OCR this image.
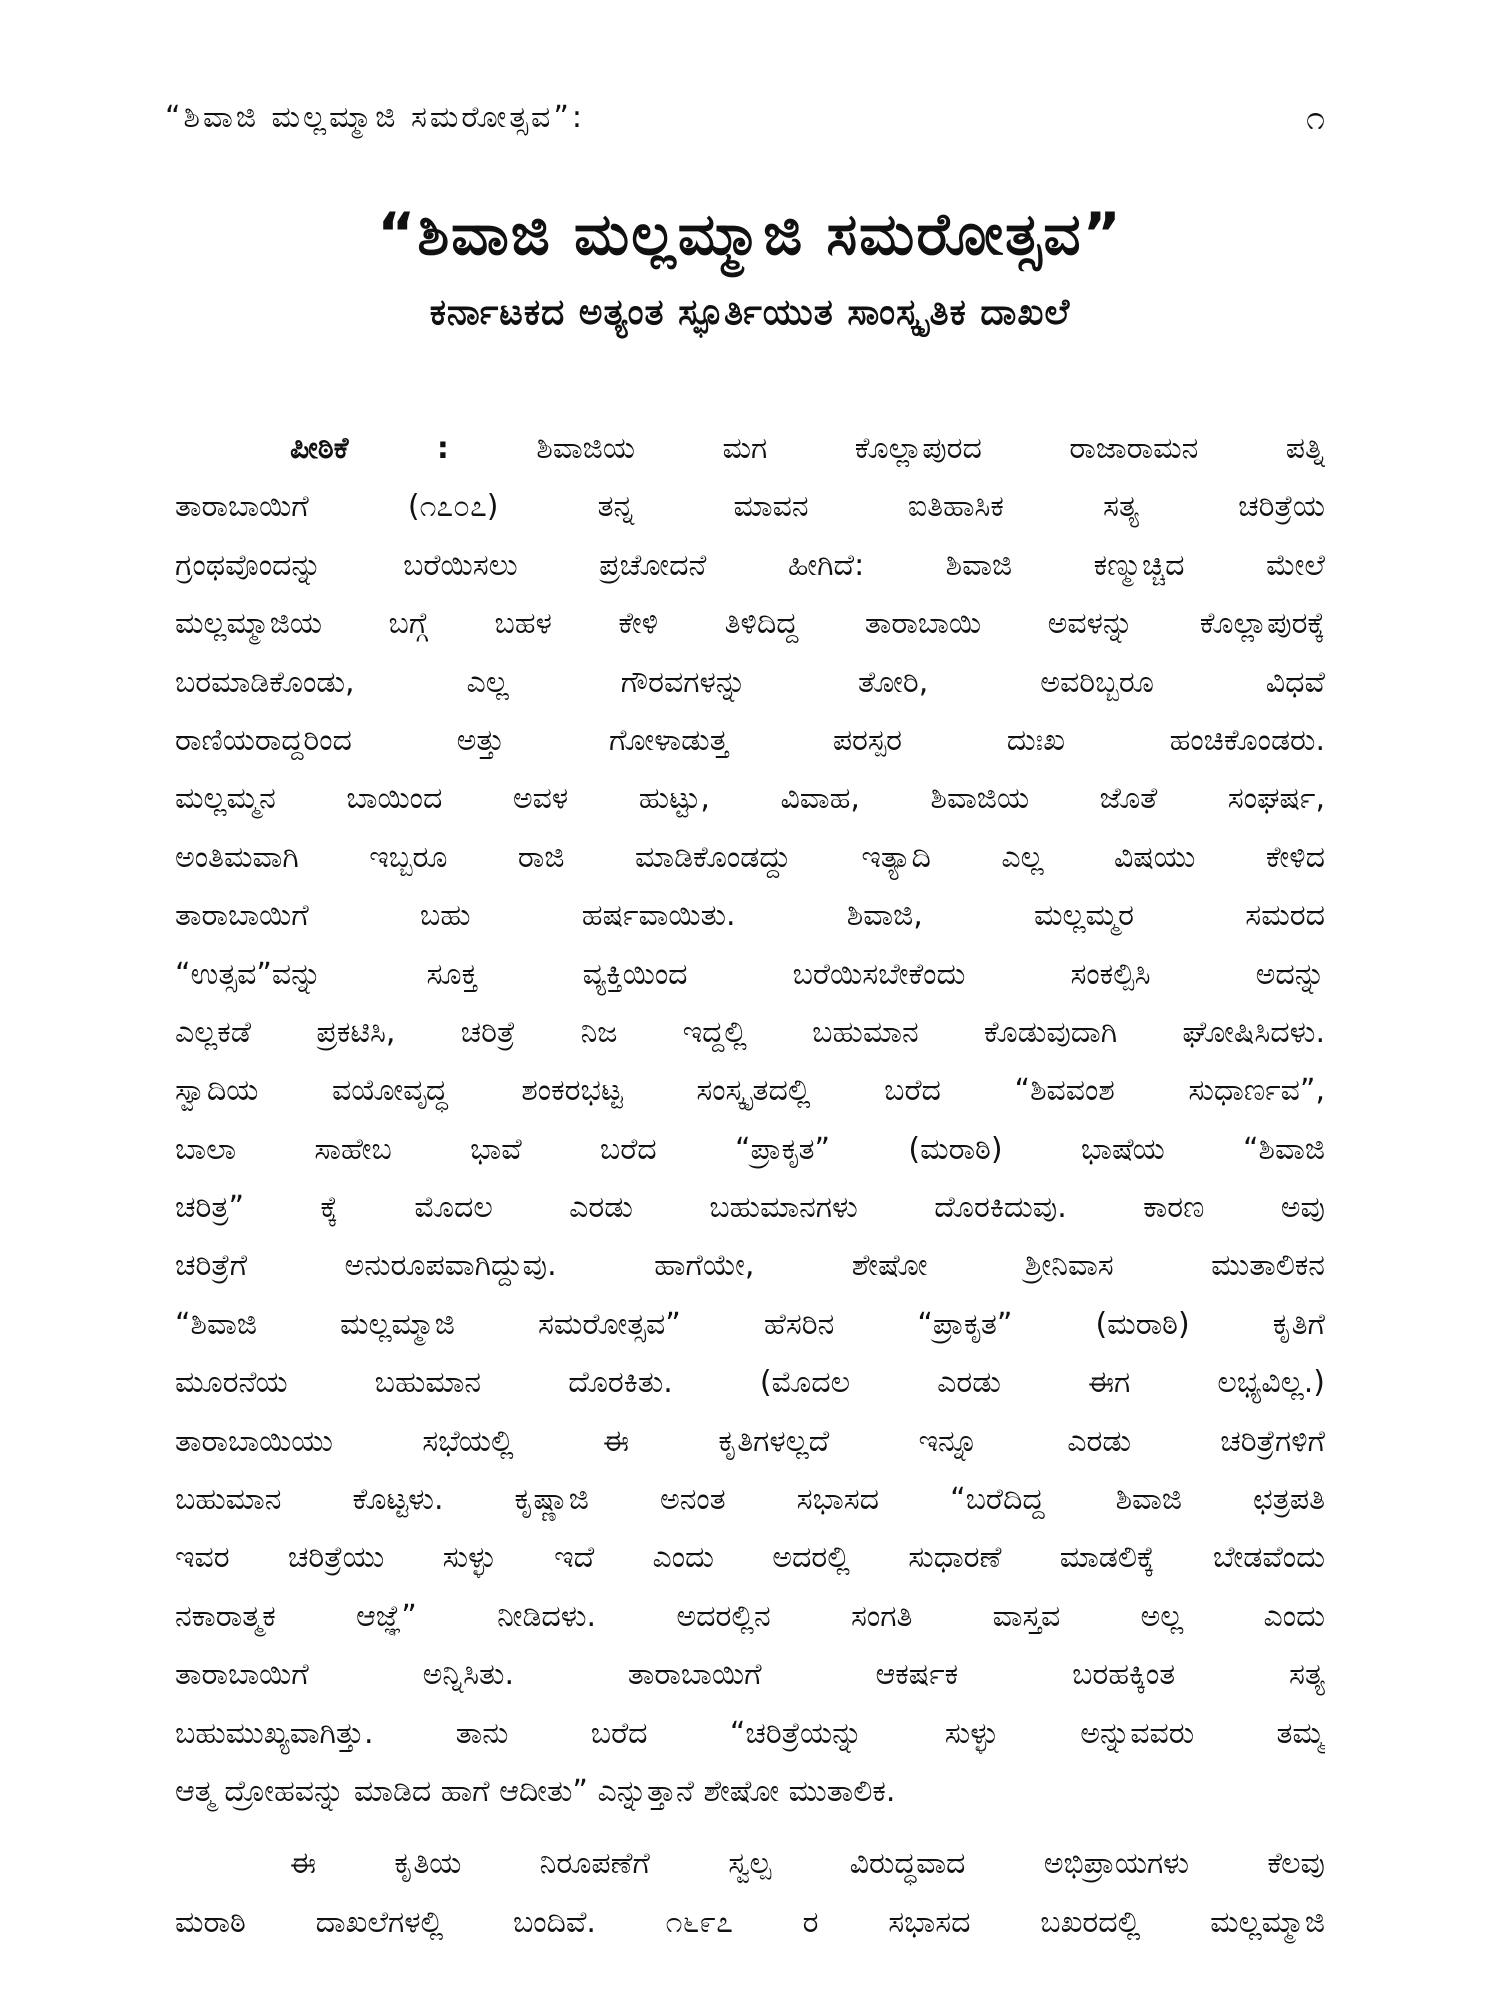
“ಶಿವಾಜಿ ಮಲ್ಲಮ್ಮಾಜಿ ಸಮರೋತ್ಸವ”:	೧
“ಶಿವಾಜಿ ಮಲ್ಲಮ್ಮಾಜಿ ಸಮರೋತ್ಸವ”
ಕರ್ನಾಟಕದ ಅತ್ಯಂತ ಸ್ಫೂರ್ತಿಯುತ ಸಾಂಸ್ಕೃತಿಕ ದಾಖಲೆ
ಪೀಠಿಕೆ :	ಶಿವಾಜಿಯ ಮಗ ಕೊಲ್ಲಾಪುರದ ರಾಜಾರಾಮನ ಪತ್ನಿ
ತಾರಾಬಾಯಿಗೆ (೧೭೦೭) ತನ್ನ ಮಾವನ ಐತಿಹಾಸಿಕ ಸತ್ಯ ಚರಿತ್ರೆಯ
ಗ್ರಂಥವೊಂದನ್ನು ಬರೆಯಿಸಲು ಪ್ರಚೋದನೆ ಹೀಗಿದೆ: ಶಿವಾಜಿ ಕಣ್ಮುಚ್ಚಿದ ಮೇಲೆ
ಮಲ್ಲಮ್ಮಾಜಿಯ ಬಗ್ಗೆ ಬಹಳ ಕೇಳಿ ತಿಳಿದಿದ್ದ ತಾರಾಬಾಯಿ ಅವಳನ್ನು ಕೊಲ್ಲಾಪುರಕ್ಕೆ
ಬರಮಾಡಿಕೊಂಡು, ಎಲ್ಲ ಗೌರವಗಳನ್ನು ತೋರಿ, ಅವರಿಬ್ಬರೂ ವಿಧವೆ
ರಾಣಿಯರಾದ್ದರಿಂದ ಅತ್ತು ಗೋಳಾಡುತ್ತ ಪರಸ್ಪರ ದುಃಖ ಹಂಚಿಕೊಂಡರು.
ಮಲ್ಲಮ್ಮನ ಬಾಯಿಂದ ಅವಳ ಹುಟ್ಟು, ವಿವಾಹ, ಶಿವಾಜಿಯ ಜೊತೆ ಸಂಘರ್ಷ,
ಅಂತಿಮವಾಗಿ ಇಬ್ಬರೂ ರಾಜಿ ಮಾಡಿಕೊಂಡದ್ದು ಇತ್ಯಾದಿ ಎಲ್ಲ ವಿಷಯು ಕೇಳಿದ
ತಾರಾಬಾಯಿಗೆ ಬಹು ಹರ್ಷವಾಯಿತು. ಶಿವಾಜಿ, ಮಲ್ಲಮ್ಮರ ಸಮರದ
“ಉತ್ಸವ”ವನ್ನು ಸೂಕ್ತ ವ್ಯಕ್ತಿಯಿಂದ ಬರೆಯಿಸಬೇಕೆಂದು ಸಂಕಲ್ಪಿಸಿ ಅದನ್ನು
ಎಲ್ಲಕಡೆ ಪ್ರಕಟಿಸಿ, ಚರಿತ್ರೆ ನಿಜ ಇದ್ದಲ್ಲಿ ಬಹುಮಾನ ಕೊಡುವುದಾಗಿ ಘೋಷಿಸಿದಳು.
ಸ್ವಾದಿಯ ವಯೋವೃದ್ಧ ಶಂಕರಭಟ್ಟ ಸಂಸ್ಕೃತದಲ್ಲಿ ಬರೆದ “ಶಿವವಂಶ ಸುಧಾರ್ಣವ”,
ಬಾಲಾ ಸಾಹೇಬ ಭಾವೆ ಬರೆದ “ಪ್ರಾಕೃತ” (ಮರಾಠಿ) ಭಾಷೆಯ “ಶಿವಾಜಿ
ಚರಿತ್ರ” ಕ್ಕೆ ಮೊದಲ ಎರಡು ಬಹುಮಾನಗಳು ದೊರಕಿದುವು. ಕಾರಣ ಅವು
ಚರಿತ್ರೆಗೆ ಅನುರೂಪವಾಗಿದ್ದುವು. ಹಾಗೆಯೇ, ಶೇಷೋ ಶ್ರೀನಿವಾಸ ಮುತಾಲಿಕನ
“ಶಿವಾಜಿ ಮಲ್ಲಮ್ಮಾಜಿ ಸಮರೋತ್ಸವ” ಹೆಸರಿನ “ಪ್ರಾಕೃತ” (ಮರಾಠಿ) ಕೃತಿಗೆ
ಮೂರನೆಯ ಬಹುಮಾನ ದೊರಕಿತು. (ಮೊದಲ ಎರಡು ಈಗ ಲಭ್ಯವಿಲ್ಲ.)
ತಾರಾಬಾಯಿಯು ಸಭೆಯಲ್ಲಿ ಈ ಕೃತಿಗಳಲ್ಲದೆ ಇನ್ನೂ ಎರಡು ಚರಿತ್ರೆಗಳಿಗೆ
ಬಹುಮಾನ ಕೊಟ್ಟಳು. ಕೃಷ್ಣಾಜಿ ಅನಂತ ಸಭಾಸದ “ಬರೆದಿದ್ದ ಶಿವಾಜಿ ಛತ್ರಪತಿ
ಇವರ ಚರಿತ್ರೆಯು ಸುಳ್ಳು ಇದೆ ಎಂದು ಅದರಲ್ಲಿ ಸುಧಾರಣೆ ಮಾಡಲಿಕ್ಕೆ ಬೇಡವೆಂದು
ನಕಾರಾತ್ಮಕ ಆಜ್ಞೆ” ನೀಡಿದಳು. ಅದರಲ್ಲಿನ ಸಂಗತಿ ವಾಸ್ತವ ಅಲ್ಲ ಎಂದು
ತಾರಾಬಾಯಿಗೆ ಅನ್ನಿಸಿತು. ತಾರಾಬಾಯಿಗೆ ಆಕರ್ಷಕ ಬರಹಕ್ಕಿಂತ ಸತ್ಯ
ಬಹುಮುಖ್ಯವಾಗಿತ್ತು. ತಾನು ಬರೆದ “ಚರಿತ್ರೆಯನ್ನು ಸುಳ್ಳು ಅನ್ನುವವರು ತಮ್ಮ
ಆತ್ಮ ದ್ರೋಹವನ್ನು ಮಾಡಿದ ಹಾಗೆ ಆದೀತು” ಎನ್ನುತ್ತಾನೆ ಶೇಷೋ ಮುತಾಲಿಕ.
ಈ ಕೃತಿಯ ನಿರೂಪಣೆಗೆ ಸ್ವಲ್ಪ ವಿರುದ್ಧವಾದ ಅಭಿಪ್ರಾಯಗಳು ಕೆಲವು
ಮರಾಠಿ ದಾಖಲೆಗಳಲ್ಲಿ ಬಂದಿವೆ. ೧೬೯೭ ರ ಸಭಾಸದ ಬಖರದಲ್ಲಿ ಮಲ್ಲಮ್ಮಾಜಿ
